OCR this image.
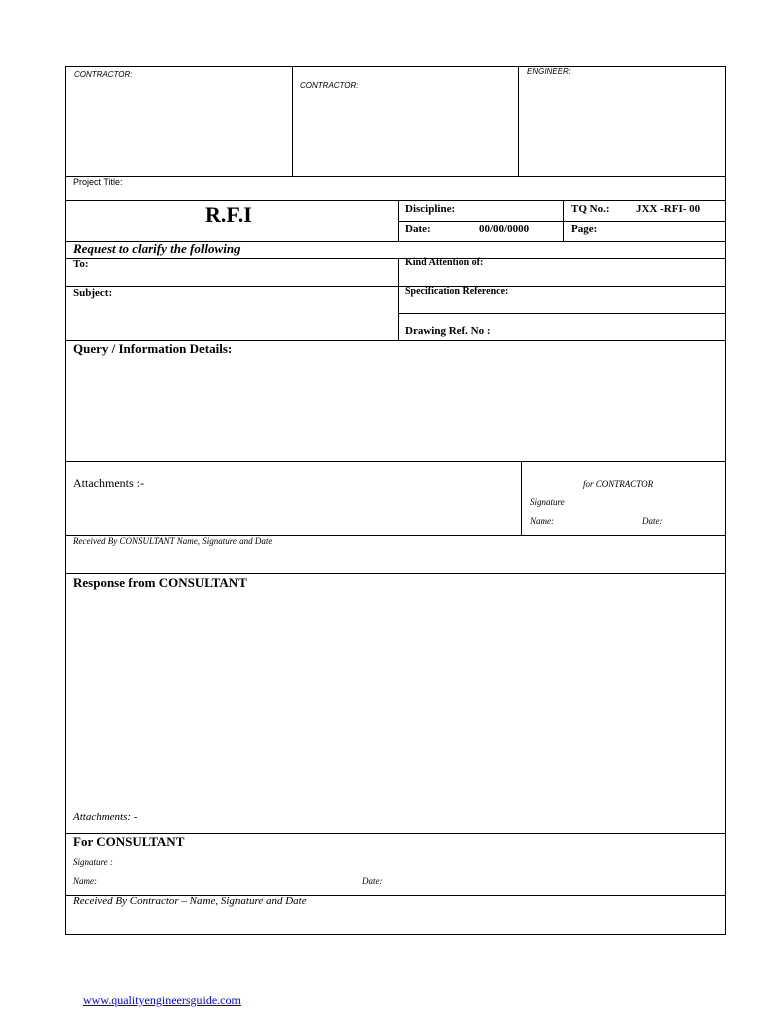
CONTRACTOR:
CONTRACTOR:
ENGINEER:
Project Title:
R.F.I	Discipline:	TQ No.: JXX -RFI- 00
Date:	00/00/0000	Page:
Request to clarify the following
To:	Kind Attention of:
Subject:	Specification Reference:
Drawing Ref. No :
Query / Information Details:
Attachments :-	for CONTRACTOR
Signature
Name:	Date:
Received By CONSULTANT Name, Signature and Date
Response from CONSULTANT
Attachments: -
For CONSULTANT
Signature :
Name:	Date:
Received By Contractor – Name, Signature and Date
www.qualityengineersguide.com
